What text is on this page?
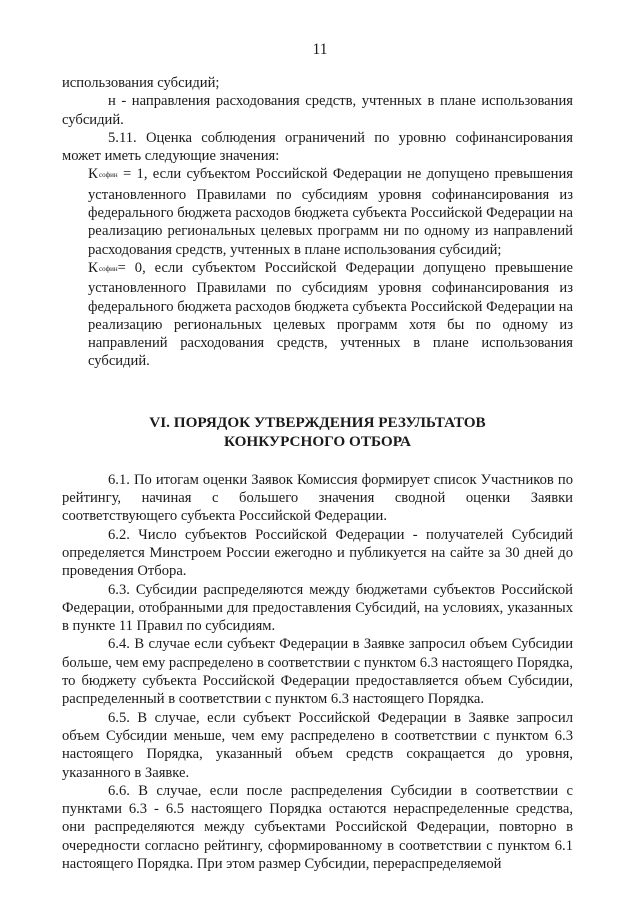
11

использования субсидий;

н - направления расходования средств, учтенных в плане использования субсидий.

5.11. Оценка соблюдения ограничений по уровню софинансирования может иметь следующие значения:

Ксофин = 1, если субъектом Российской Федерации не допущено превышения установленного Правилами по субсидиям уровня софинансирования из федерального бюджета расходов бюджета субъекта Российской Федерации на реализацию региональных целевых программ ни по одному из направлений расходования средств, учтенных в плане использования субсидий;

Ксофин= 0, если субъектом Российской Федерации допущено превышение установленного Правилами по субсидиям уровня софинансирования из федерального бюджета расходов бюджета субъекта Российской Федерации на реализацию региональных целевых программ хотя бы по одному из направлений расходования средств, учтенных в плане использования субсидий.

VI. ПОРЯДОК УТВЕРЖДЕНИЯ РЕЗУЛЬТАТОВ
КОНКУРСНОГО ОТБОРА

6.1. По итогам оценки Заявок Комиссия формирует список Участников по рейтингу, начиная с большего значения сводной оценки Заявки соответствующего субъекта Российской Федерации.

6.2. Число субъектов Российской Федерации - получателей Субсидий определяется Минстроем России ежегодно и публикуется на сайте за 30 дней до проведения Отбора.

6.3. Субсидии распределяются между бюджетами субъектов Российской Федерации, отобранными для предоставления Субсидий, на условиях, указанных в пункте 11 Правил по субсидиям.

6.4. В случае если субъект Федерации в Заявке запросил объем Субсидии больше, чем ему распределено в соответствии с пунктом 6.3 настоящего Порядка, то бюджету субъекта Российской Федерации предоставляется объем Субсидии, распределенный в соответствии с пунктом 6.3 настоящего Порядка.

6.5. В случае, если субъект Российской Федерации в Заявке запросил объем Субсидии меньше, чем ему распределено в соответствии с пунктом 6.3 настоящего Порядка, указанный объем средств сокращается до уровня, указанного в Заявке.

6.6. В случае, если после распределения Субсидии в соответствии с пунктами 6.3 - 6.5 настоящего Порядка остаются нераспределенные средства, они распределяются между субъектами Российской Федерации, повторно в очередности согласно рейтингу, сформированному в соответствии с пунктом 6.1 настоящего Порядка. При этом размер Субсидии, перераспределяемой
